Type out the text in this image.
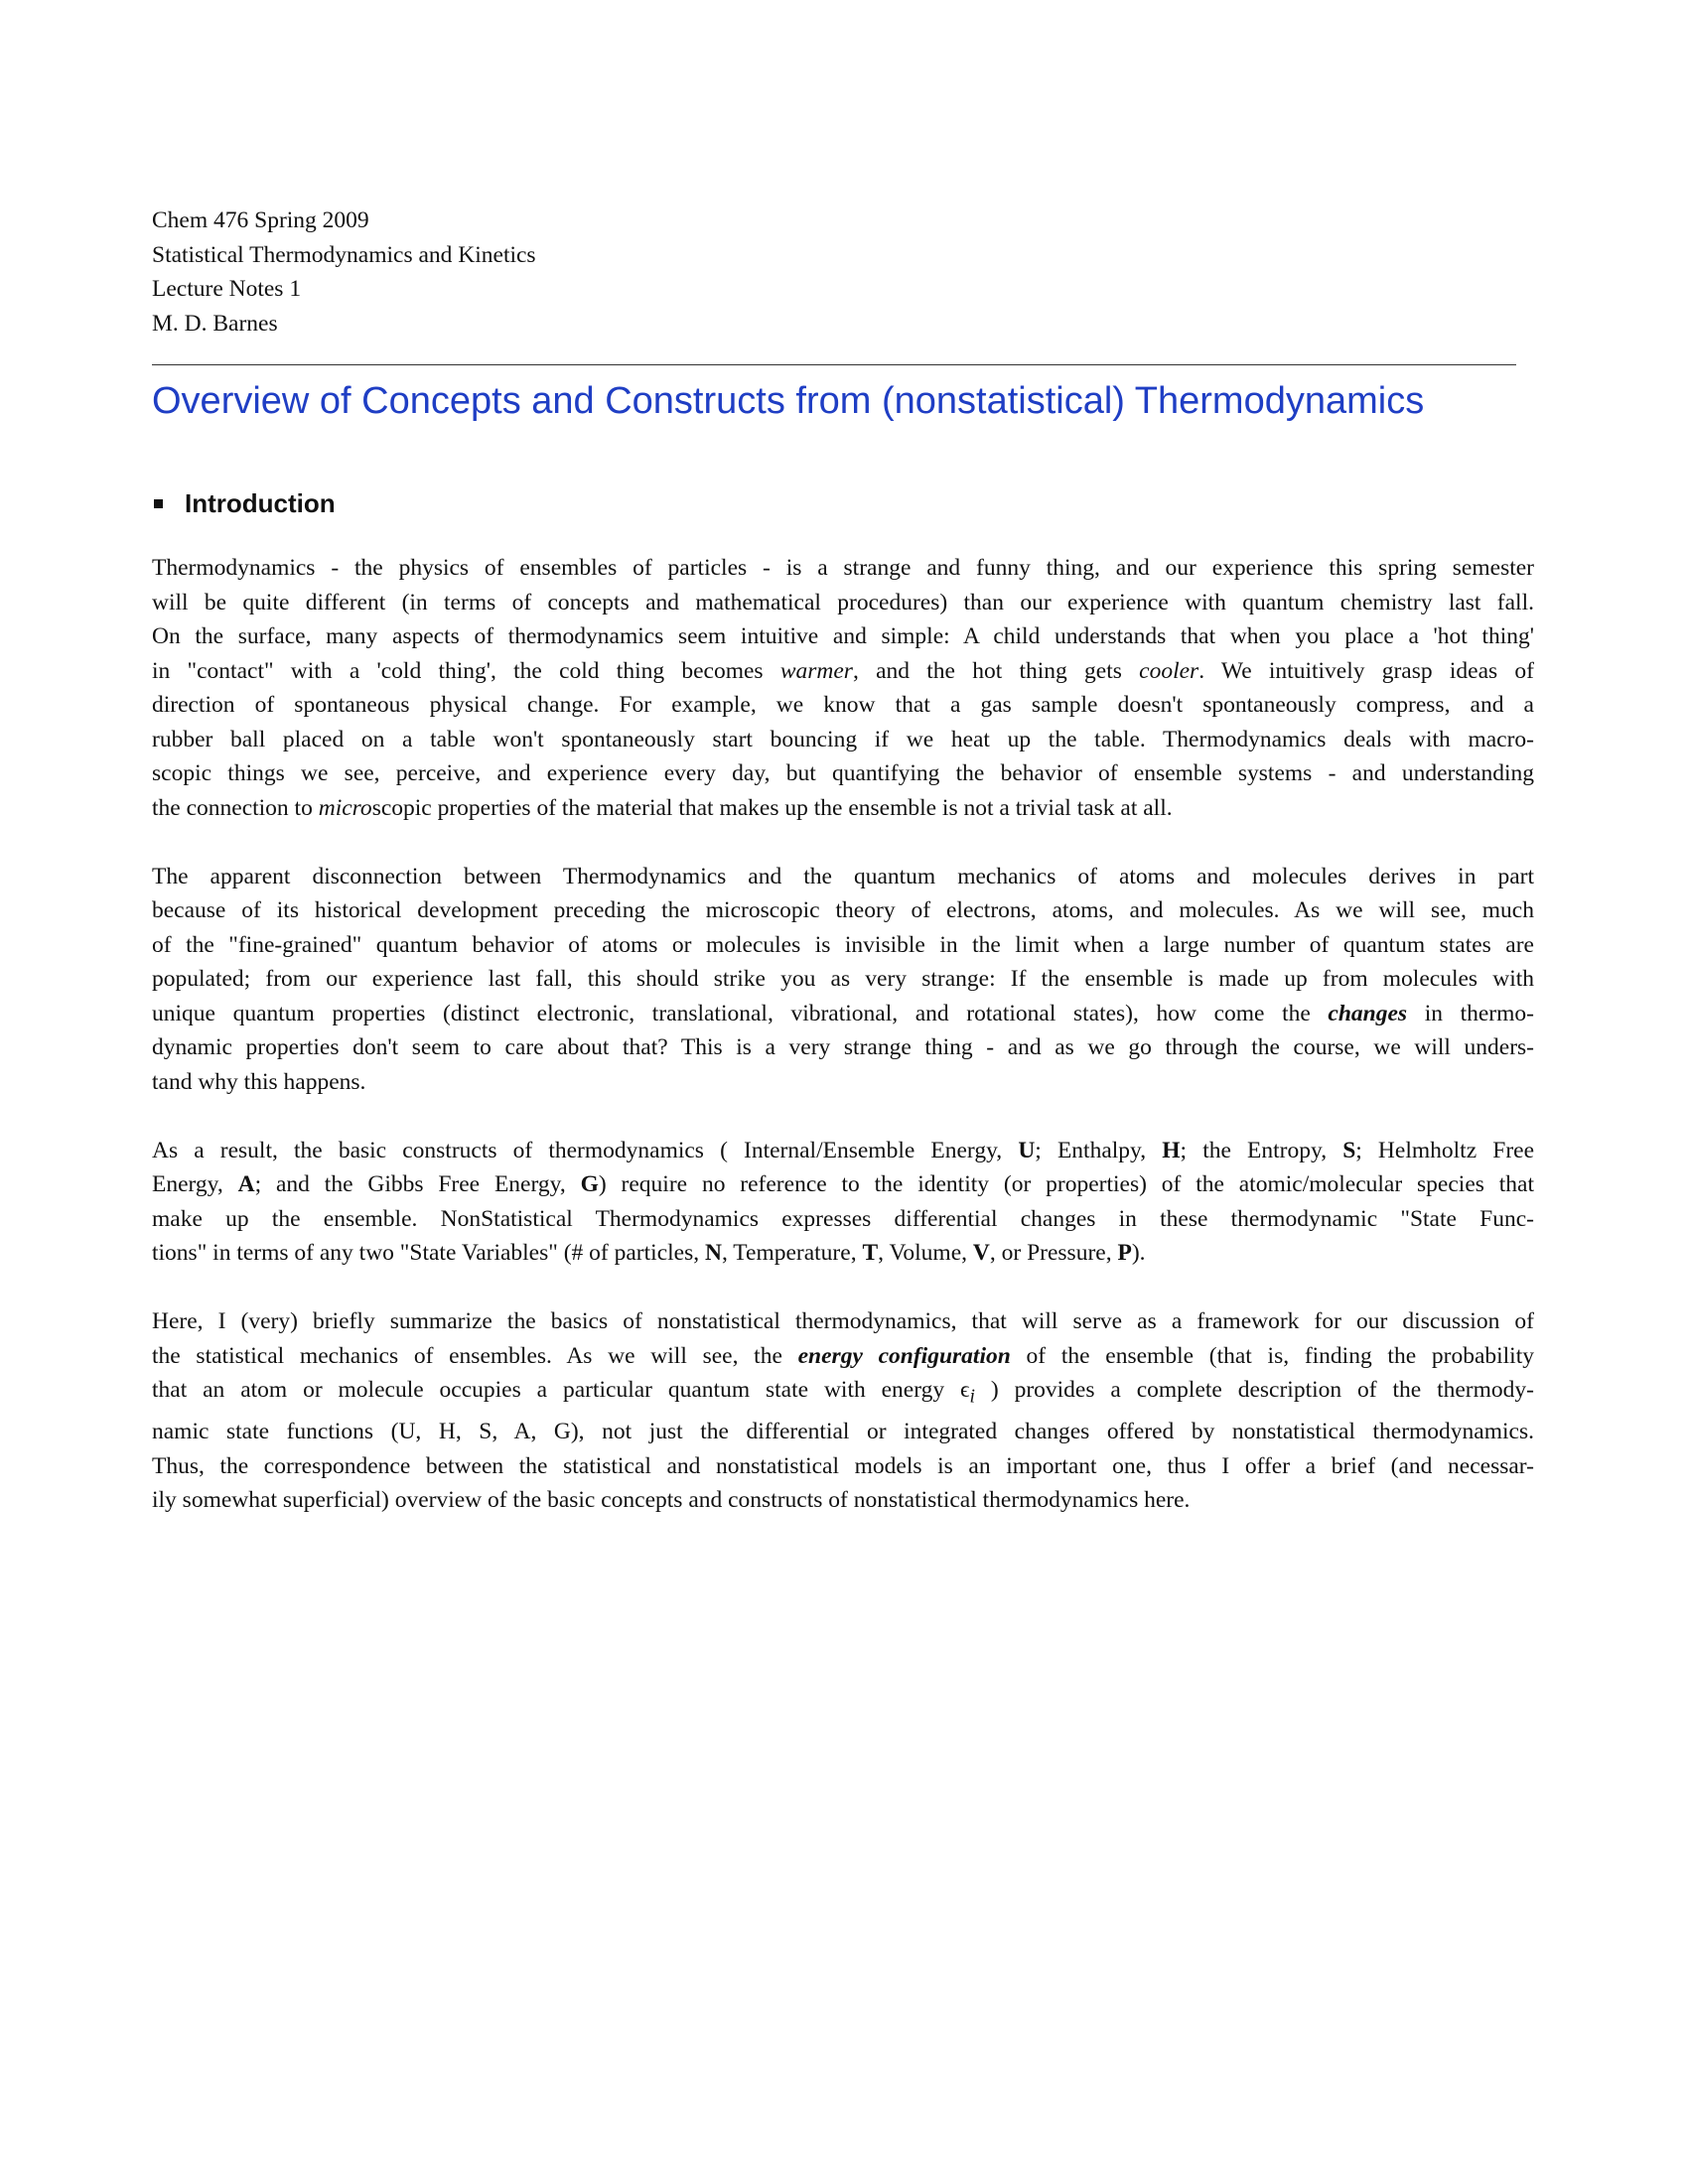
Chem 476 Spring 2009
Statistical Thermodynamics and Kinetics
Lecture Notes 1
M. D. Barnes
Overview of Concepts and Constructs from (nonstatistical) Thermodynamics
Introduction

Thermodynamics - the physics of ensembles of particles - is a strange and funny thing, and our experience this spring semester
will be quite different (in terms of concepts and mathematical procedures) than our experience with quantum chemistry last fall.
On the surface, many aspects of thermodynamics seem intuitive and simple: A child understands that when you place a 'hot thing'
in "contact" with a 'cold thing', the cold thing becomes warmer, and the hot thing gets cooler. We intuitively grasp ideas of
direction of spontaneous physical change. For example, we know that a gas sample doesn't spontaneously compress, and a
rubber ball placed on a table won't spontaneously start bouncing if we heat up the table. Thermodynamics deals with macro-
scopic things we see, perceive, and experience every day, but quantifying the behavior of ensemble systems - and understanding
the connection to microscopic properties of the material that makes up the ensemble is not a trivial task at all.

The apparent disconnection between Thermodynamics and the quantum mechanics of atoms and molecules derives in part
because of its historical development preceding the microscopic theory of electrons, atoms, and molecules. As we will see, much
of the "fine-grained" quantum behavior of atoms or molecules is invisible in the limit when a large number of quantum states are
populated; from our experience last fall, this should strike you as very strange: If the ensemble is made up from molecules with
unique quantum properties (distinct electronic, translational, vibrational, and rotational states), how come the changes in thermo-
dynamic properties don't seem to care about that? This is a very strange thing - and as we go through the course, we will unders-
tand why this happens.

As a result, the basic constructs of thermodynamics ( Internal/Ensemble Energy, U; Enthalpy, H; the Entropy, S; Helmholtz Free
Energy, A; and the Gibbs Free Energy, G) require no reference to the identity (or properties) of the atomic/molecular species that
make up the ensemble. NonStatistical Thermodynamics expresses differential changes in these thermodynamic "State Func-
tions" in terms of any two "State Variables" (# of particles, N, Temperature, T, Volume, V, or Pressure, P).

Here, I (very) briefly summarize the basics of nonstatistical thermodynamics, that will serve as a framework for our discussion of
the statistical mechanics of ensembles. As we will see, the energy configuration of the ensemble (that is, finding the probability
that an atom or molecule occupies a particular quantum state with energy $\epsilon_i$ ) provides a complete description of the thermody-
namic state functions (U, H, S, A, G), not just the differential or integrated changes offered by nonstatistical thermodynamics.
Thus, the correspondence between the statistical and nonstatistical models is an important one, thus I offer a brief (and necessar-
ily somewhat superficial) overview of the basic concepts and constructs of nonstatistical thermodynamics here.
